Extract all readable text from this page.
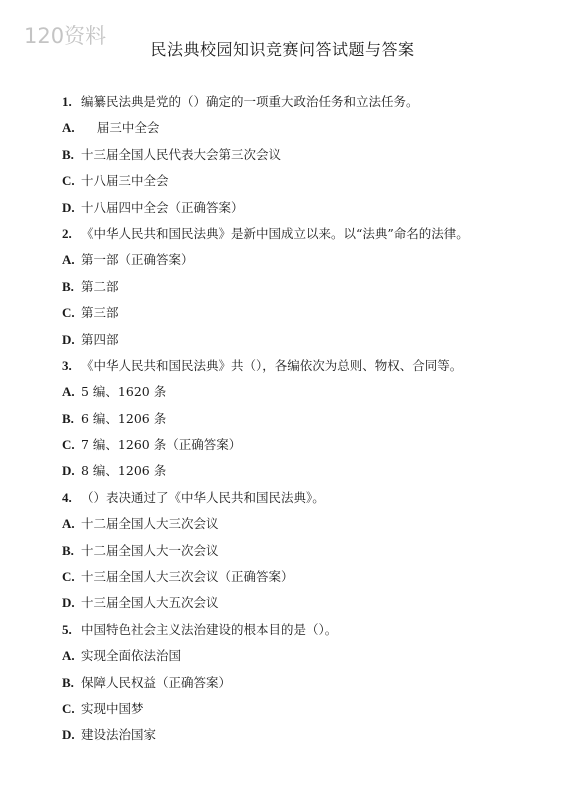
120资料
民法典校园知识竞赛问答试题与答案
1. 编纂民法典是党的（）确定的一项重大政治任务和立法任务。
A.    届三中全会
B. 十三届全国人民代表大会第三次会议
C. 十八届三中全会
D. 十八届四中全会（正确答案）
2. 《中华人民共和国民法典》是新中国成立以来。以“法典”命名的法律。
A. 第一部（正确答案）
B. 第二部
C. 第三部
D. 第四部
3. 《中华人民共和国民法典》共（），各编依次为总则、物权、合同等。
A. 5 编、1620 条
B. 6 编、1206 条
C. 7 编、1260 条（正确答案）
D. 8 编、1206 条
4. （）表决通过了《中华人民共和国民法典》。
A. 十二届全国人大三次会议
B. 十二届全国人大一次会议
C. 十三届全国人大三次会议（正确答案）
D. 十三届全国人大五次会议
5. 中国特色社会主义法治建设的根本目的是（）。
A. 实现全面依法治国
B. 保障人民权益（正确答案）
C. 实现中国梦
D. 建设法治国家
